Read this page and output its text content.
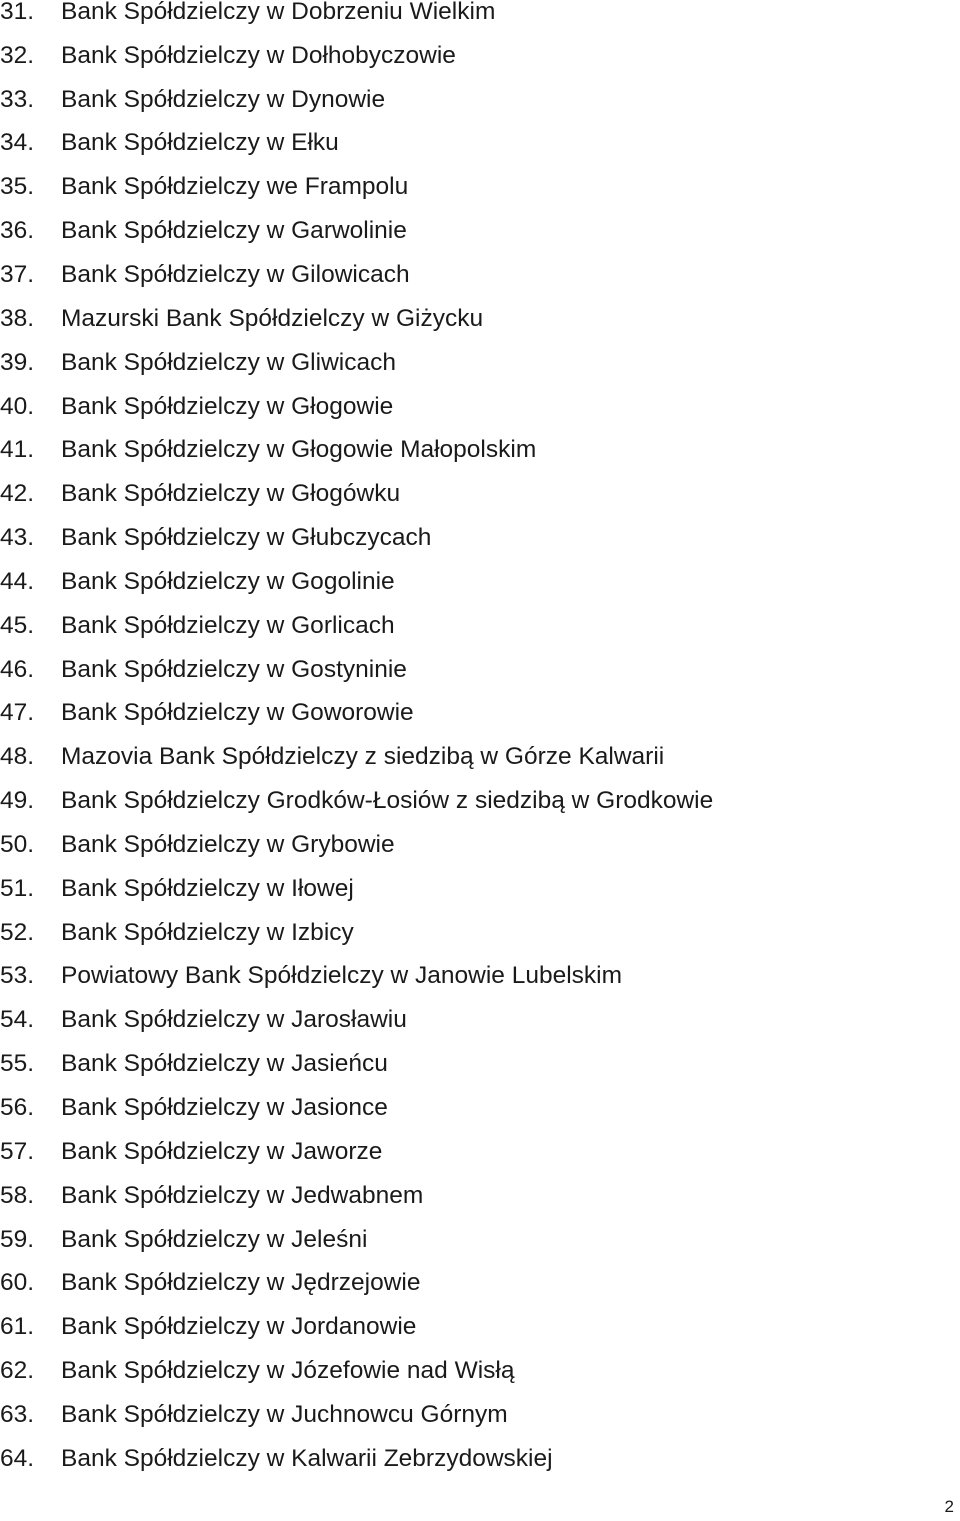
31.	Bank Spółdzielczy w Dobrzeniu Wielkim
32.	Bank Spółdzielczy w Dołhobyczowie
33.	Bank Spółdzielczy w Dynowie
34.	Bank Spółdzielczy w Ełku
35.	Bank Spółdzielczy we Frampolu
36.	Bank Spółdzielczy w Garwolinie
37.	Bank Spółdzielczy w Gilowicach
38.	Mazurski Bank Spółdzielczy w Giżycku
39.	Bank Spółdzielczy w Gliwicach
40.	Bank Spółdzielczy w Głogowie
41.	Bank Spółdzielczy w Głogowie Małopolskim
42.	Bank Spółdzielczy w Głogówku
43.	Bank Spółdzielczy w Głubczycach
44.	Bank Spółdzielczy w Gogolinie
45.	Bank Spółdzielczy w Gorlicach
46.	Bank Spółdzielczy w Gostyninie
47.	Bank Spółdzielczy w Goworowie
48.	Mazovia Bank Spółdzielczy z siedzibą w Górze Kalwarii
49.	Bank Spółdzielczy Grodków-Łosiów z siedzibą w Grodkowie
50.	Bank Spółdzielczy w Grybowie
51.	Bank Spółdzielczy w Iłowej
52.	Bank Spółdzielczy w Izbicy
53.	Powiatowy Bank Spółdzielczy w Janowie Lubelskim
54.	Bank Spółdzielczy w Jarosławiu
55.	Bank Spółdzielczy w Jasieńcu
56.	Bank Spółdzielczy w Jasionce
57.	Bank Spółdzielczy w Jaworze
58.	Bank Spółdzielczy w Jedwabnem
59.	Bank Spółdzielczy w Jeleśni
60.	Bank Spółdzielczy w Jędrzejowie
61.	Bank Spółdzielczy w Jordanowie
62.	Bank Spółdzielczy w Józefowie nad Wisłą
63.	Bank Spółdzielczy w Juchnowcu Górnym
64.	Bank Spółdzielczy w Kalwarii Zebrzydowskiej
2
